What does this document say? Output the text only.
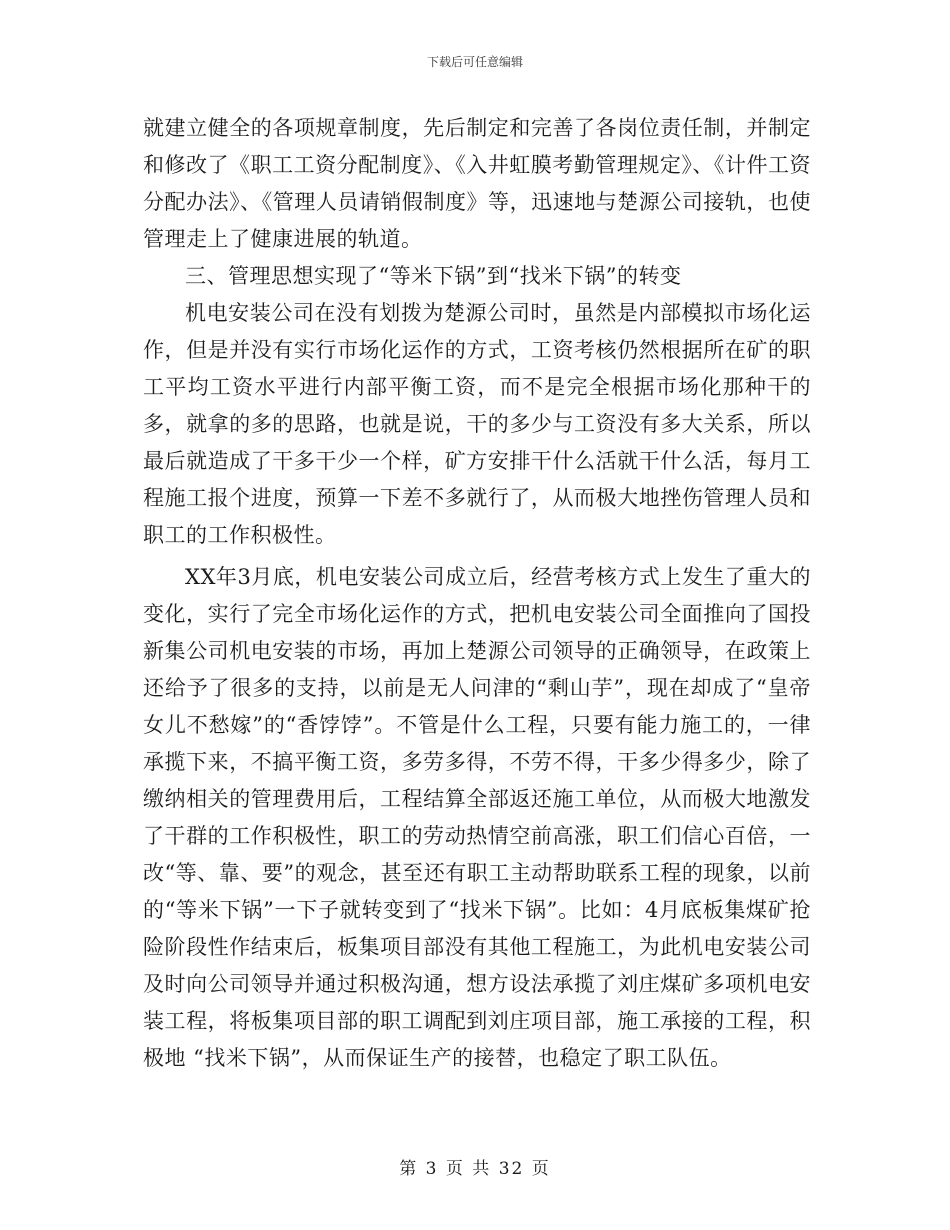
下载后可任意编辑

就建立健全的各项规章制度，先后制定和完善了各岗位责任制，并制定和修改了《职工工资分配制度》、《入井虹膜考勤管理规定》、《计件工资分配办法》、《管理人员请销假制度》等，迅速地与楚源公司接轨，也使管理走上了健康进展的轨道。

三、管理思想实现了“等米下锅”到“找米下锅”的转变

机电安装公司在没有划拨为楚源公司时，虽然是内部模拟市场化运作，但是并没有实行市场化运作的方式，工资考核仍然根据所在矿的职工平均工资水平进行内部平衡工资，而不是完全根据市场化那种干的多，就拿的多的思路，也就是说，干的多少与工资没有多大关系，所以最后就造成了干多干少一个样，矿方安排干什么活就干什么活，每月工程施工报个进度，预算一下差不多就行了，从而极大地挫伤管理人员和职工的工作积极性。

XX年3月底，机电安装公司成立后，经营考核方式上发生了重大的变化，实行了完全市场化运作的方式，把机电安装公司全面推向了国投新集公司机电安装的市场，再加上楚源公司领导的正确领导，在政策上还给予了很多的支持，以前是无人问津的“剩山芋”，现在却成了“皇帝女儿不愁嫁”的“香饽饽”。不管是什么工程，只要有能力施工的，一律承揽下来，不搞平衡工资，多劳多得，不劳不得，干多少得多少，除了缴纳相关的管理费用后，工程结算全部返还施工单位，从而极大地激发了干群的工作积极性，职工的劳动热情空前高涨，职工们信心百倍，一改“等、靠、要”的观念，甚至还有职工主动帮助联系工程的现象，以前的“等米下锅”一下子就转变到了“找米下锅”。比如：4月底板集煤矿抢险阶段性作结束后，板集项目部没有其他工程施工，为此机电安装公司及时向公司领导并通过积极沟通，想方设法承揽了刘庄煤矿多项机电安装工程，将板集项目部的职工调配到刘庄项目部，施工承接的工程，积极地 “找米下锅”，从而保证生产的接替，也稳定了职工队伍。

第 3 页 共 32 页
